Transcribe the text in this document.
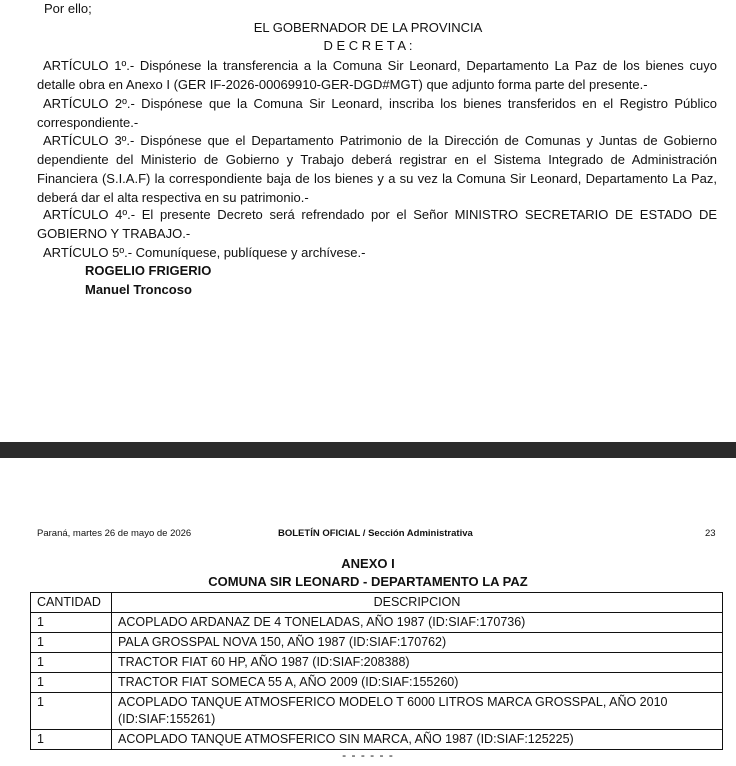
Por ello;
EL GOBERNADOR DE LA PROVINCIA
D E C R E T A :
ARTÍCULO 1º.- Dispónese la transferencia a la Comuna Sir Leonard, Departamento La Paz de los bienes cuyo
detalle obra en Anexo I (GER IF-2026-00069910-GER-DGD#MGT) que adjunto forma parte del presente.-
ARTÍCULO 2º.- Dispónese que la Comuna Sir Leonard, inscriba los bienes transferidos en el Registro Público
correspondiente.-
ARTÍCULO 3º.- Dispónese que el Departamento Patrimonio de la Dirección de Comunas y Juntas de Gobierno
dependiente del Ministerio de Gobierno y Trabajo deberá registrar en el Sistema Integrado de Administración Financiera (S.I.A.F) la correspondiente baja de los bienes y a su vez la Comuna Sir Leonard, Departamento La Paz, deberá dar el alta respectiva en su patrimonio.-
ARTÍCULO 4º.- El presente Decreto será refrendado por el Señor MINISTRO SECRETARIO DE ESTADO DE
GOBIERNO Y TRABAJO.-
ARTÍCULO 5º.- Comuníquese, publíquese y archívese.-
ROGELIO FRIGERIO
Manuel Troncoso
Paraná, martes 26 de mayo de 2026	BOLETÍN OFICIAL / Sección Administrativa	23
ANEXO I
COMUNA SIR LEONARD - DEPARTAMENTO LA PAZ
CANTIDAD	DESCRIPCION
1	ACOPLADO ARDANAZ DE 4 TONELADAS, AÑO 1987 (ID:SIAF:170736)
1	PALA GROSSPAL NOVA 150, AÑO 1987 (ID:SIAF:170762)
1	TRACTOR FIAT 60 HP, AÑO 1987 (ID:SIAF:208388)
1	TRACTOR FIAT SOMECA 55 A, AÑO 2009 (ID:SIAF:155260)
1	ACOPLADO TANQUE ATMOSFERICO MODELO T 6000 LITROS MARCA GROSSPAL, AÑO 2010 (ID:SIAF:155261)
1	ACOPLADO TANQUE ATMOSFERICO SIN MARCA, AÑO 1987 (ID:SIAF:125225)
- - - - - -
